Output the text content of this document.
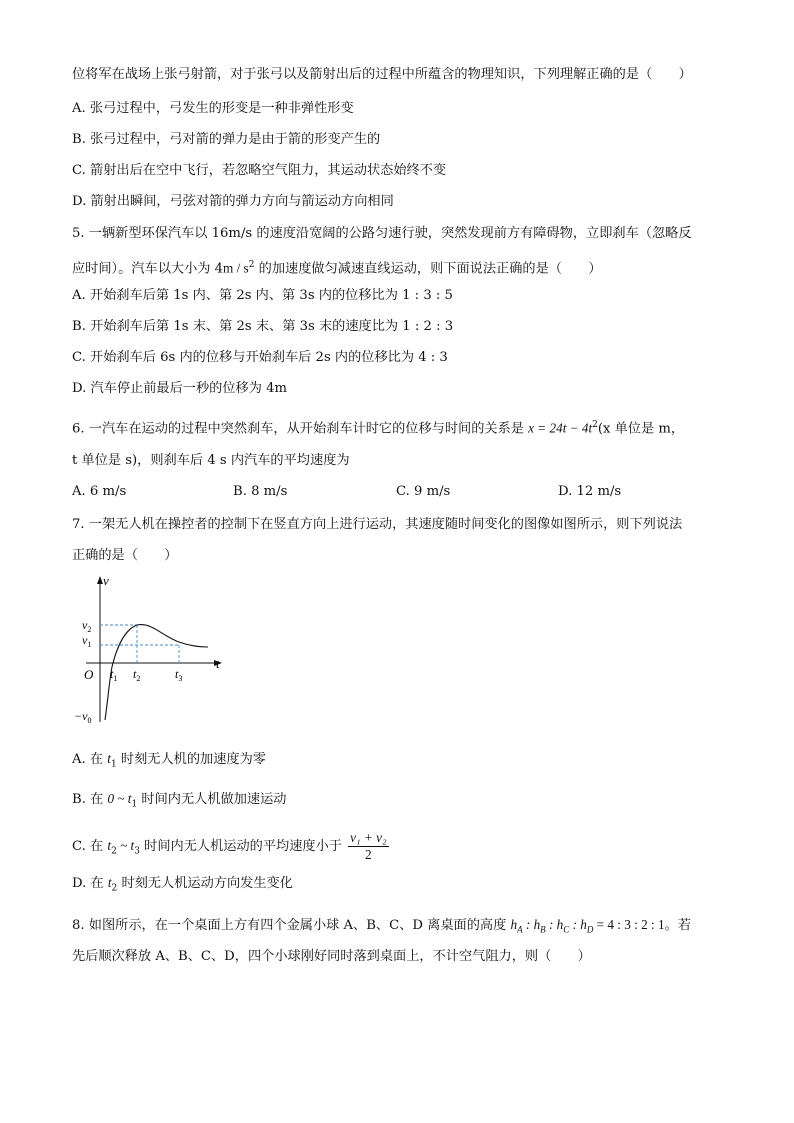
位将军在战场上张弓射箭，对于张弓以及箭射出后的过程中所蕴含的物理知识，下列理解正确的是（　　）
A. 张弓过程中，弓发生的形变是一种非弹性形变
B. 张弓过程中，弓对箭的弹力是由于箭的形变产生的
C. 箭射出后在空中飞行，若忽略空气阻力，其运动状态始终不变
D. 箭射出瞬间，弓弦对箭的弹力方向与箭运动方向相同
5. 一辆新型环保汽车以 16m/s 的速度沿宽阔的公路匀速行驶，突然发现前方有障碍物，立即刹车（忽略反
应时间）。汽车以大小为 $4m / s^2$ 的加速度做匀减速直线运动，则下面说法正确的是（　　）
A. 开始刹车后第 1s 内、第 2s 内、第 3s 内的位移比为 1 : 3 : 5
B. 开始刹车后第 1s 末、第 2s 末、第 3s 末的速度比为 1 : 2 : 3
C. 开始刹车后 6s 内的位移与开始刹车后 2s 内的位移比为 4 : 3
D. 汽车停止前最后一秒的位移为 4m
6. 一汽车在运动的过程中突然刹车，从开始刹车计时它的位移与时间的关系是 $x = 24t - 4t^2(x$ 单位是 m，
t 单位是 s)，则刹车后 4 s 内汽车的平均速度为
A. 6 m/s	B. 8 m/s	C. 9 m/s	D. 12 m/s
7. 一架无人机在操控者的控制下在竖直方向上进行运动，其速度随时间变化的图像如图所示，则下列说法
正确的是（　　）
v
t
O
$v_2$
$v_1$
$-v_0$
$t_1$ $t_2$	$t_3$
A. 在 $t_1$ 时刻无人机的加速度为零
B. 在 0 ~ $t_1$ 时间内无人机做加速运动
C. 在 $t_2$ ~ $t_3$ 时间内无人机运动的平均速度小于 $\frac{\text{v₁ + v₂}}{2}$
D. 在 $t_2$ 时刻无人机运动方向发生变化
8. 如图所示，在一个桌面上方有四个金属小球 A、B、C、D 离桌面的高度 $h_A$ : $h_B$ : $h_C$ : $h_D = 4$ : 3 : 2 : 1。若
先后顺次释放 A、B、C、D，四个小球刚好同时落到桌面上，不计空气阻力，则（　　）
